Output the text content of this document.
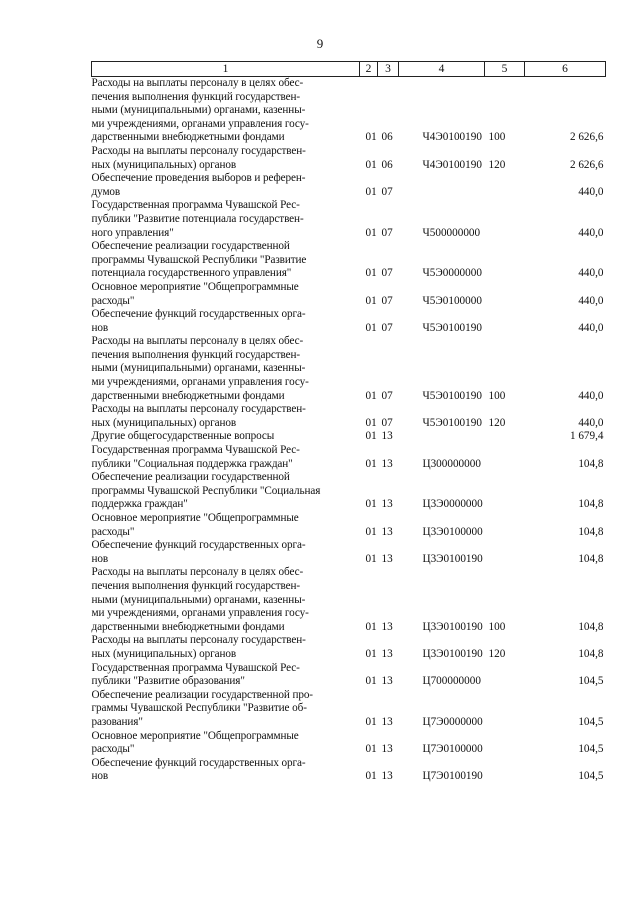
9
1	2	3	4	5	6

Расходы на выплаты персоналу в целях обес-
печения выполнения функций государствен-
ными (муниципальными) органами, казенны-
ми учреждениями, органами управления госу-
дарственными внебюджетными фондами	01	06	Ч4Э0100190	100	2 626,6

Расходы на выплаты персоналу государствен-
ных (муниципальных) органов	01	06	Ч4Э0100190	120	2 626,6

Обеспечение проведения выборов и референ-
думов	01	07			440,0

Государственная программа Чувашской Рес-
публики "Развитие потенциала государствен-
ного управления"	01	07	Ч500000000		440,0

Обеспечение реализации государственной
программы Чувашской Республики "Развитие
потенциала государственного управления"	01	07	Ч5Э0000000		440,0

Основное мероприятие "Общепрограммные
расходы"	01	07	Ч5Э0100000		440,0

Обеспечение функций государственных орга-
нов	01	07	Ч5Э0100190		440,0

Расходы на выплаты персоналу в целях обес-
печения выполнения функций государствен-
ными (муниципальными) органами, казенны-
ми учреждениями, органами управления госу-
дарственными внебюджетными фондами	01	07	Ч5Э0100190	100	440,0

Расходы на выплаты персоналу государствен-
ных (муниципальных) органов	01	07	Ч5Э0100190	120	440,0

Другие общегосударственные вопросы	01	13			1 679,4

Государственная программа Чувашской Рес-
публики "Социальная поддержка граждан"	01	13	Ц300000000		104,8

Обеспечение реализации государственной
программы Чувашской Республики "Социальная
поддержка граждан"	01	13	Ц3Э0000000		104,8

Основное мероприятие "Общепрограммные
расходы"	01	13	Ц3Э0100000		104,8

Обеспечение функций государственных орга-
нов	01	13	Ц3Э0100190		104,8

Расходы на выплаты персоналу в целях обес-
печения выполнения функций государствен-
ными (муниципальными) органами, казенны-
ми учреждениями, органами управления госу-
дарственными внебюджетными фондами	01	13	Ц3Э0100190	100	104,8

Расходы на выплаты персоналу государствен-
ных (муниципальных) органов	01	13	Ц3Э0100190	120	104,8

Государственная программа Чувашской Рес-
публики "Развитие образования"	01	13	Ц700000000		104,5

Обеспечение реализации государственной про-
граммы Чувашской Республики "Развитие об-
разования"	01	13	Ц7Э0000000		104,5

Основное мероприятие "Общепрограммные
расходы"	01	13	Ц7Э0100000		104,5

Обеспечение функций государственных орга-
нов	01	13	Ц7Э0100190		104,5
